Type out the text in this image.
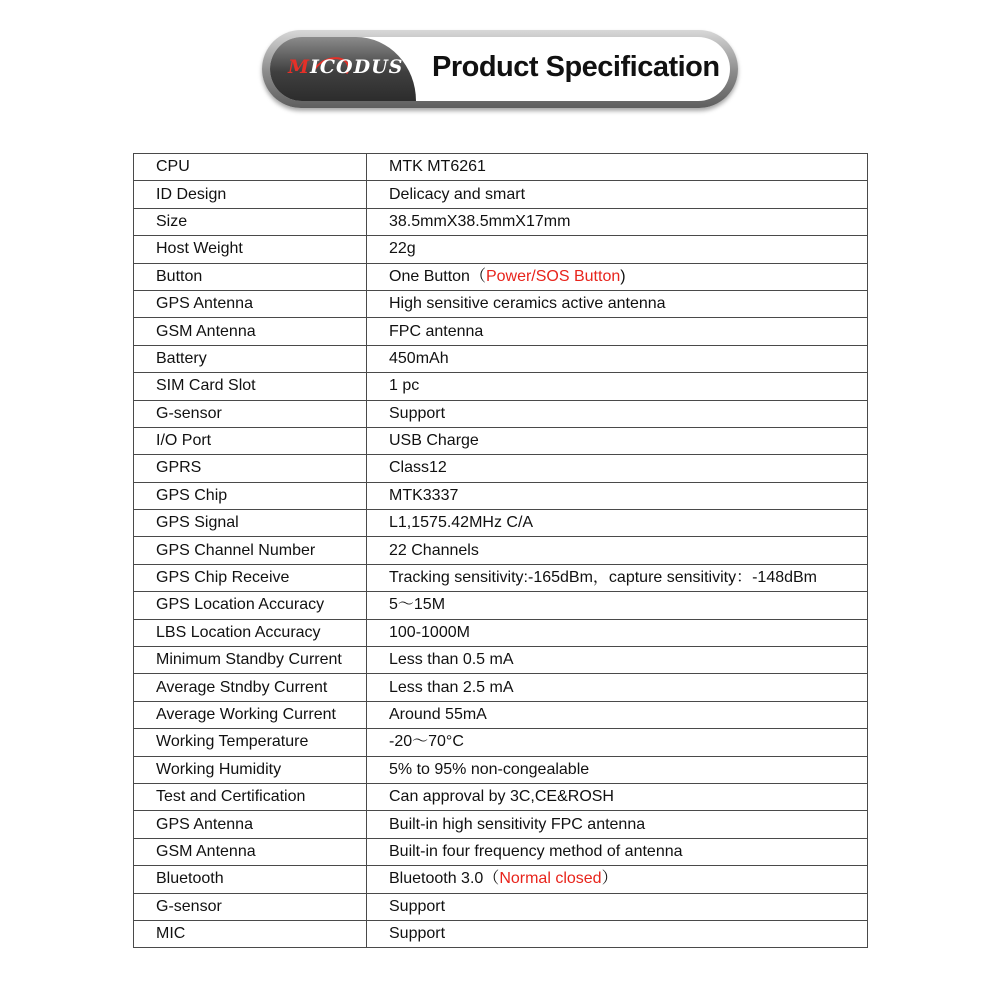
MICODUS Product Specification
CPU	MTK MT6261
ID Design	Delicacy and smart
Size	38.5mmX38.5mmX17mm
Host Weight	22g
Button	One Button（Power/SOS Button)
GPS Antenna	High sensitive ceramics active antenna
GSM Antenna	FPC antenna
Battery	450mAh
SIM Card Slot	1 pc
G-sensor	Support
I/O Port	USB Charge
GPRS	Class12
GPS Chip	MTK3337
GPS Signal	L1,1575.42MHz C/A
GPS Channel Number	22 Channels
GPS Chip Receive	Tracking sensitivity:-165dBm，capture sensitivity：-148dBm
GPS Location Accuracy	5～15M
LBS Location Accuracy	100-1000M
Minimum Standby Current	Less than 0.5 mA
Average Stndby Current	Less than 2.5 mA
Average Working Current	Around 55mA
Working Temperature	-20～70°C
Working Humidity	5% to 95% non-congealable
Test and Certification	Can approval by 3C,CE&ROSH
GPS Antenna	Built-in high sensitivity FPC antenna
GSM Antenna	Built-in four frequency method of antenna
Bluetooth	Bluetooth 3.0（Normal closed）
G-sensor	Support
MIC	Support
